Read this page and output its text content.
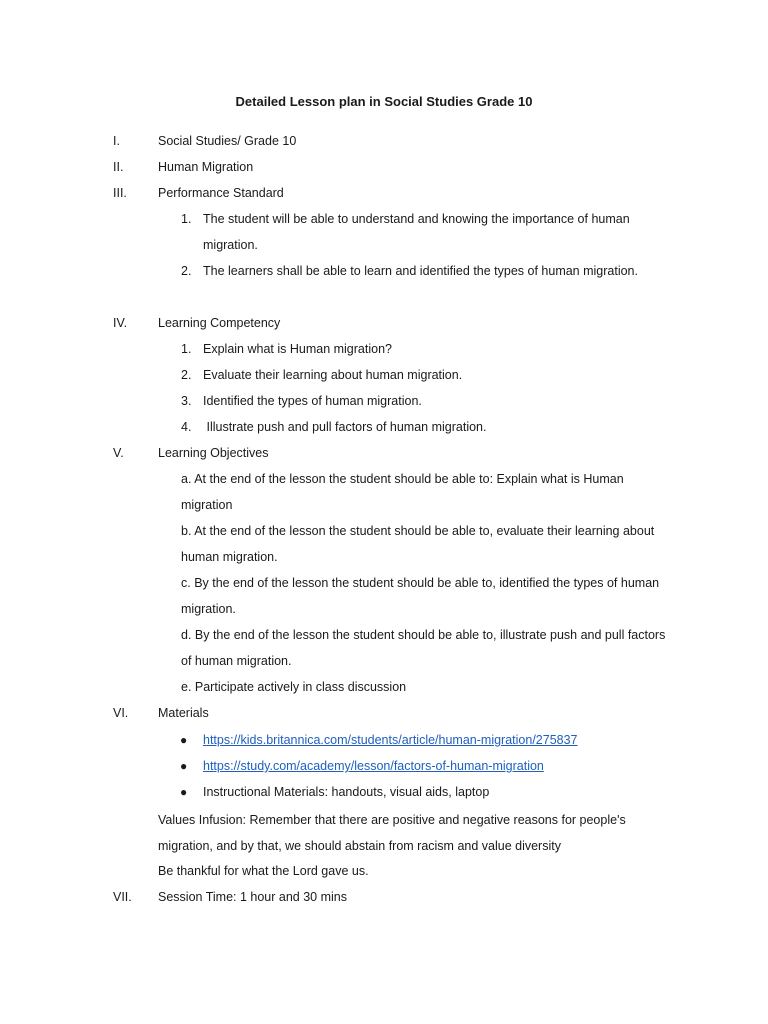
Detailed Lesson plan in Social Studies Grade 10
I.	Social Studies/ Grade 10
II.	Human Migration
III. Performance Standard
1. The student will be able to understand and knowing the importance of human
migration.
2. The learners shall be able to learn and identified the types of human migration.
IV. Learning Competency
1. Explain what is Human migration?
2. Evaluate their learning about human migration.
3. Identified the types of human migration.
4. Illustrate push and pull factors of human migration.
V.	Learning Objectives
a. At the end of the lesson the student should be able to: Explain what is Human
migration
b. At the end of the lesson the student should be able to, evaluate their learning about
human migration.
c. By the end of the lesson the student should be able to, identified the types of human
migration.
d. By the end of the lesson the student should be able to, illustrate push and pull factors
of human migration.
e. Participate actively in class discussion
VI. Materials
● https://kids.britannica.com/students/article/human-migration/275837
● https://study.com/academy/lesson/factors-of-human-migration
● Instructional Materials: handouts, visual aids, laptop
Values Infusion: Remember that there are positive and negative reasons for people's
migration, and by that, we should abstain from racism and value diversity
Be thankful for what the Lord gave us.
VII. Session Time: 1 hour and 30 mins
